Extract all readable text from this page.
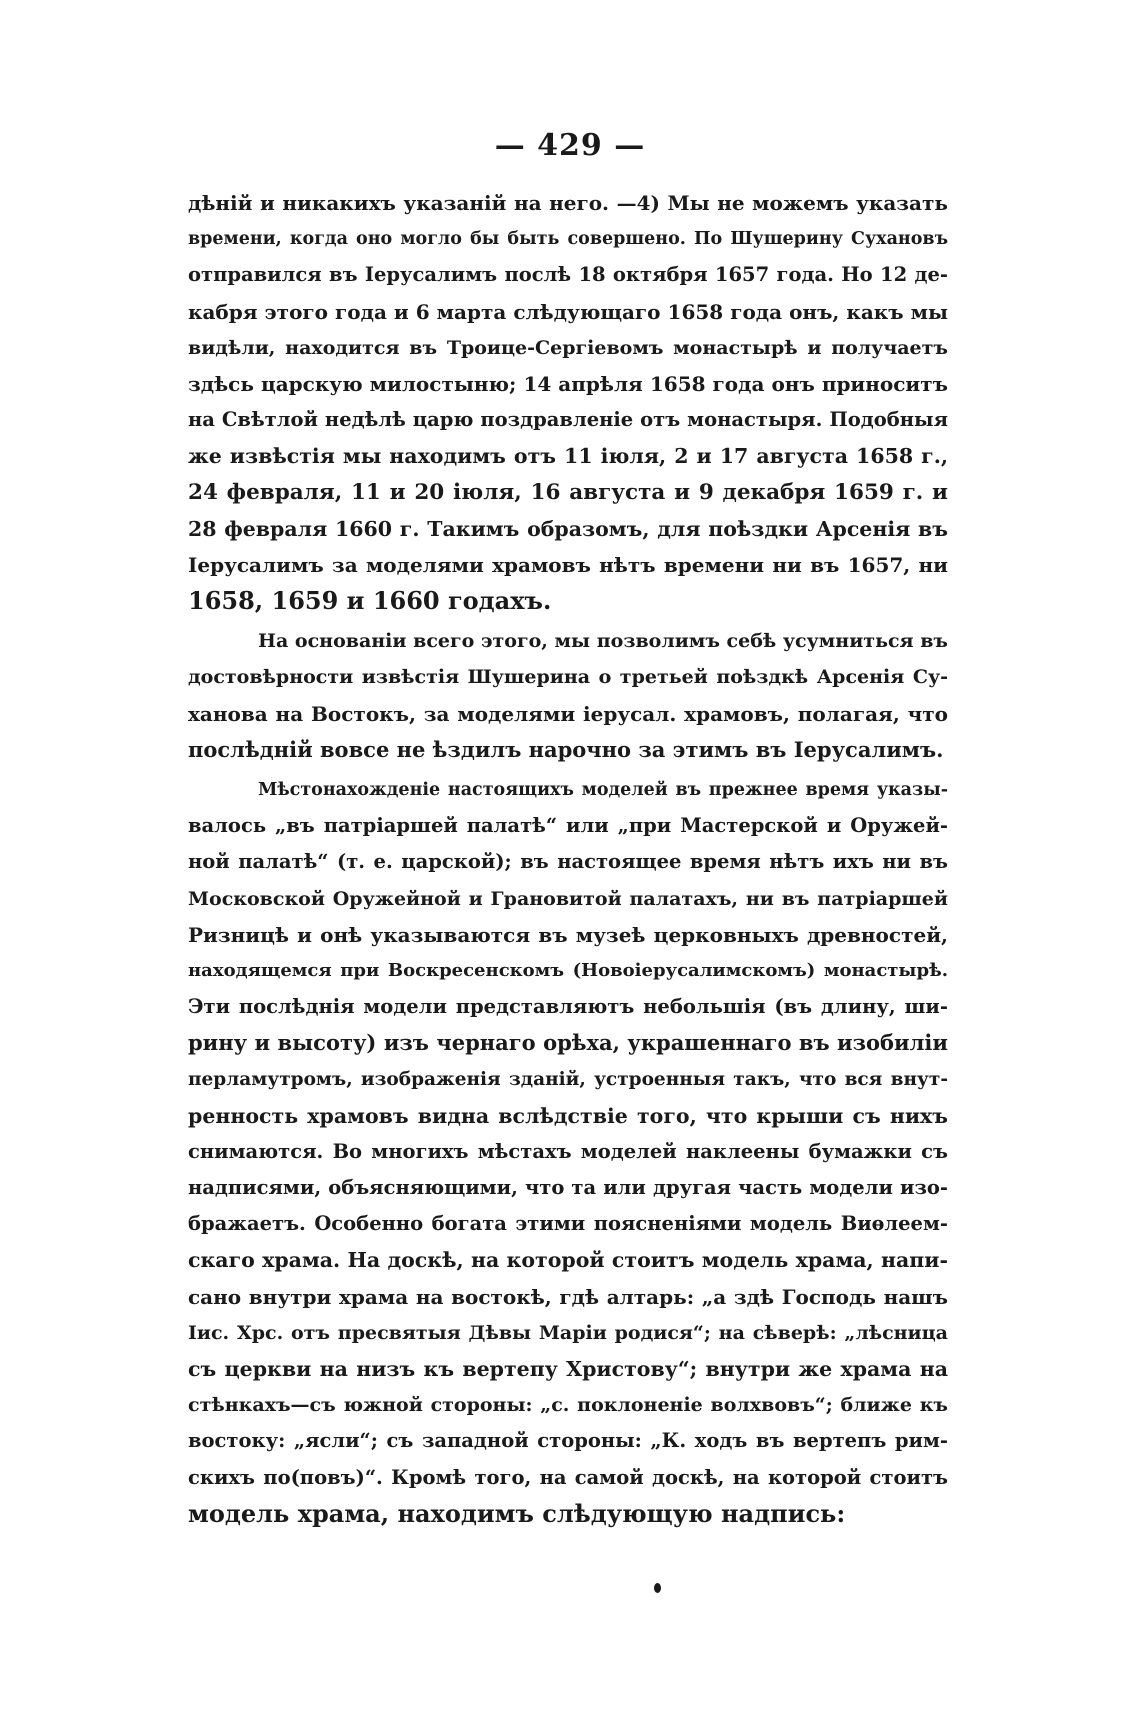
— 429 —
дѣній и никакихъ указаній на него. —4) Мы не можемъ указать
времени, когда оно могло бы быть совершено. По Шушерину Сухановъ
отправился въ Іерусалимъ послѣ 18 октября 1657 года. Но 12 де-
кабря этого года и 6 марта слѣдующаго 1658 года онъ, какъ мы
видѣли, находится въ Троице-Сергіевомъ монастырѣ и получаетъ
здѣсь царскую милостыню; 14 апрѣля 1658 года онъ приноситъ
на Свѣтлой недѣлѣ царю поздравленіе отъ монастыря. Подобныя
же извѣстія мы находимъ отъ 11 іюля, 2 и 17 августа 1658 г.,
24 февраля, 11 и 20 іюля, 16 августа и 9 декабря 1659 г. и
28 февраля 1660 г. Такимъ образомъ, для поѣздки Арсенія въ
Іерусалимъ за моделями храмовъ нѣтъ времени ни въ 1657, ни
1658, 1659 и 1660 годахъ.
На основаніи всего этого, мы позволимъ себѣ усумниться въ
достовѣрности извѣстія Шушерина о третьей поѣздкѣ Арсенія Су-
ханова на Востокъ, за моделями іерусал. храмовъ, полагая, что
послѣдній вовсе не ѣздилъ нарочно за этимъ въ Іерусалимъ.
Мѣстонахожденіе настоящихъ моделей въ прежнее время указы-
валось „въ патріаршей палатѣ“ или „при Мастерской и Оружей-
ной палатѣ“ (т. е. царской); въ настоящее время нѣтъ ихъ ни въ
Московской Оружейной и Грановитой палатахъ, ни въ патріаршей
Ризницѣ и онѣ указываются въ музеѣ церковныхъ древностей,
находящемся при Воскресенскомъ (Новоіерусалимскомъ) монастырѣ.
Эти послѣднія модели представляютъ небольшія (въ длину, ши-
рину и высоту) изъ чернаго орѣха, украшеннаго въ изобиліи
перламутромъ, изображенія зданій, устроенныя такъ, что вся внут-
ренность храмовъ видна вслѣдствіе того, что крыши съ нихъ
снимаются. Во многихъ мѣстахъ моделей наклеены бумажки съ
надписями, объясняющими, что та или другая часть модели изо-
бражаетъ. Особенно богата этими поясненіями модель Виѳлеем-
скаго храма. На доскѣ, на которой стоитъ модель храма, напи-
сано внутри храма на востокѣ, гдѣ алтарь: „а здѣ Господь нашъ
Іис. Хрс. отъ пресвятыя Дѣвы Маріи родися“; на сѣверѣ: „лѣсница
съ церкви на низъ къ вертепу Христову“; внутри же храма на
стѣнкахъ—съ южной стороны: „с. поклоненіе волхвовъ“; ближе къ
востоку: „ясли“; съ западной стороны: „К. ходъ въ вертепъ рим-
скихъ по(повъ)“. Кромѣ того, на самой доскѣ, на которой стоитъ
модель храма, находимъ слѣдующую надпись:
